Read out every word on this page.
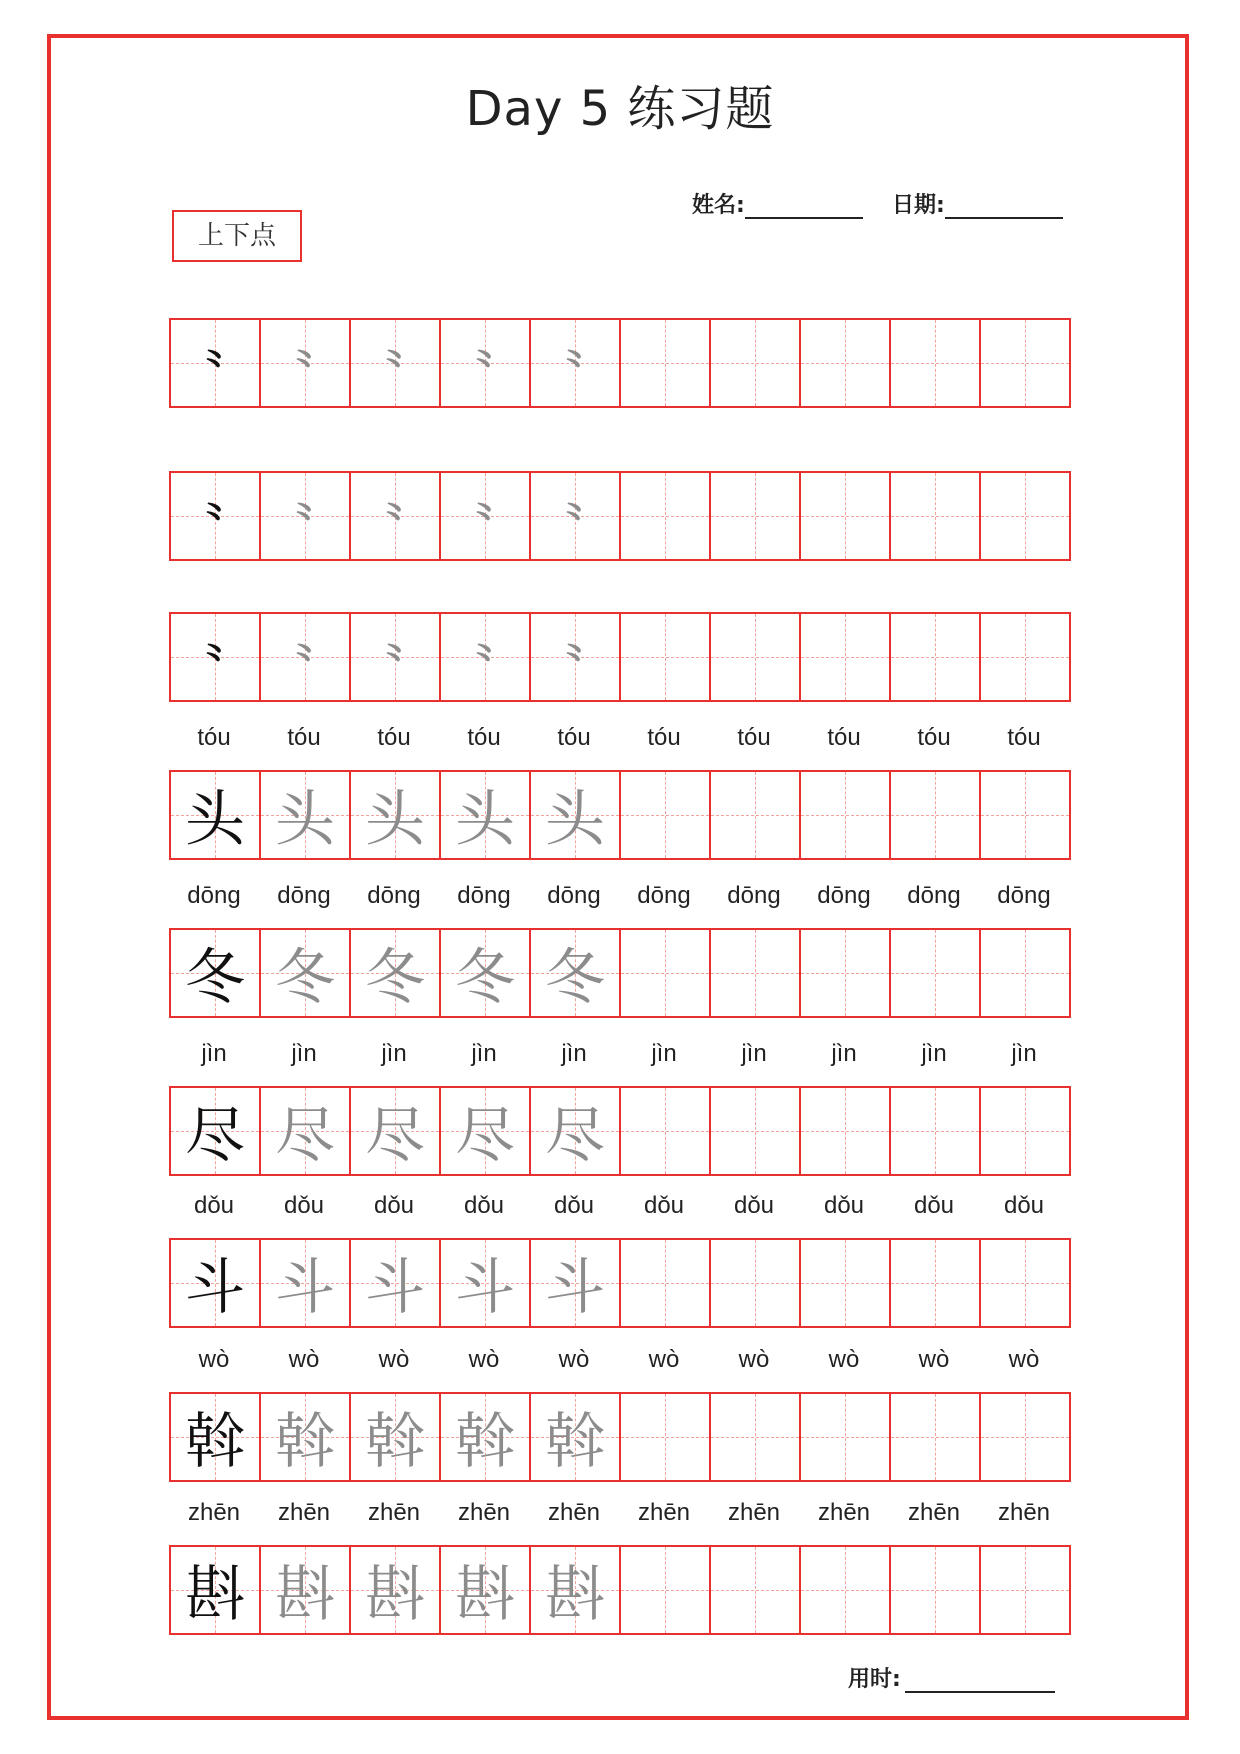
Day 5 练习题
姓名:	日期:
上下点
⺀ ⺀ ⺀ ⺀ ⺀
⺀ ⺀ ⺀ ⺀ ⺀
⺀ ⺀ ⺀ ⺀ ⺀
tóu	tóu	tóu	tóu	tóu	tóu	tóu	tóu	tóu	tóu
头 头 头 头 头
dōng	dōng	dōng	dōng	dōng	dōng	dōng	dōng	dōng	dōng
冬 冬 冬 冬 冬
jìn	jìn	jìn	jìn	jìn	jìn	jìn	jìn	jìn	jìn
尽 尽 尽 尽 尽
dǒu	dǒu	dǒu	dǒu	dǒu	dǒu	dǒu	dǒu	dǒu	dǒu
斗 斗 斗 斗 斗
wò	wò	wò	wò	wò	wò	wò	wò	wò	wò
斡 斡 斡 斡 斡
zhēn	zhēn	zhēn	zhēn	zhēn	zhēn	zhēn	zhēn	zhēn	zhēn
斟 斟 斟 斟 斟
用时:
